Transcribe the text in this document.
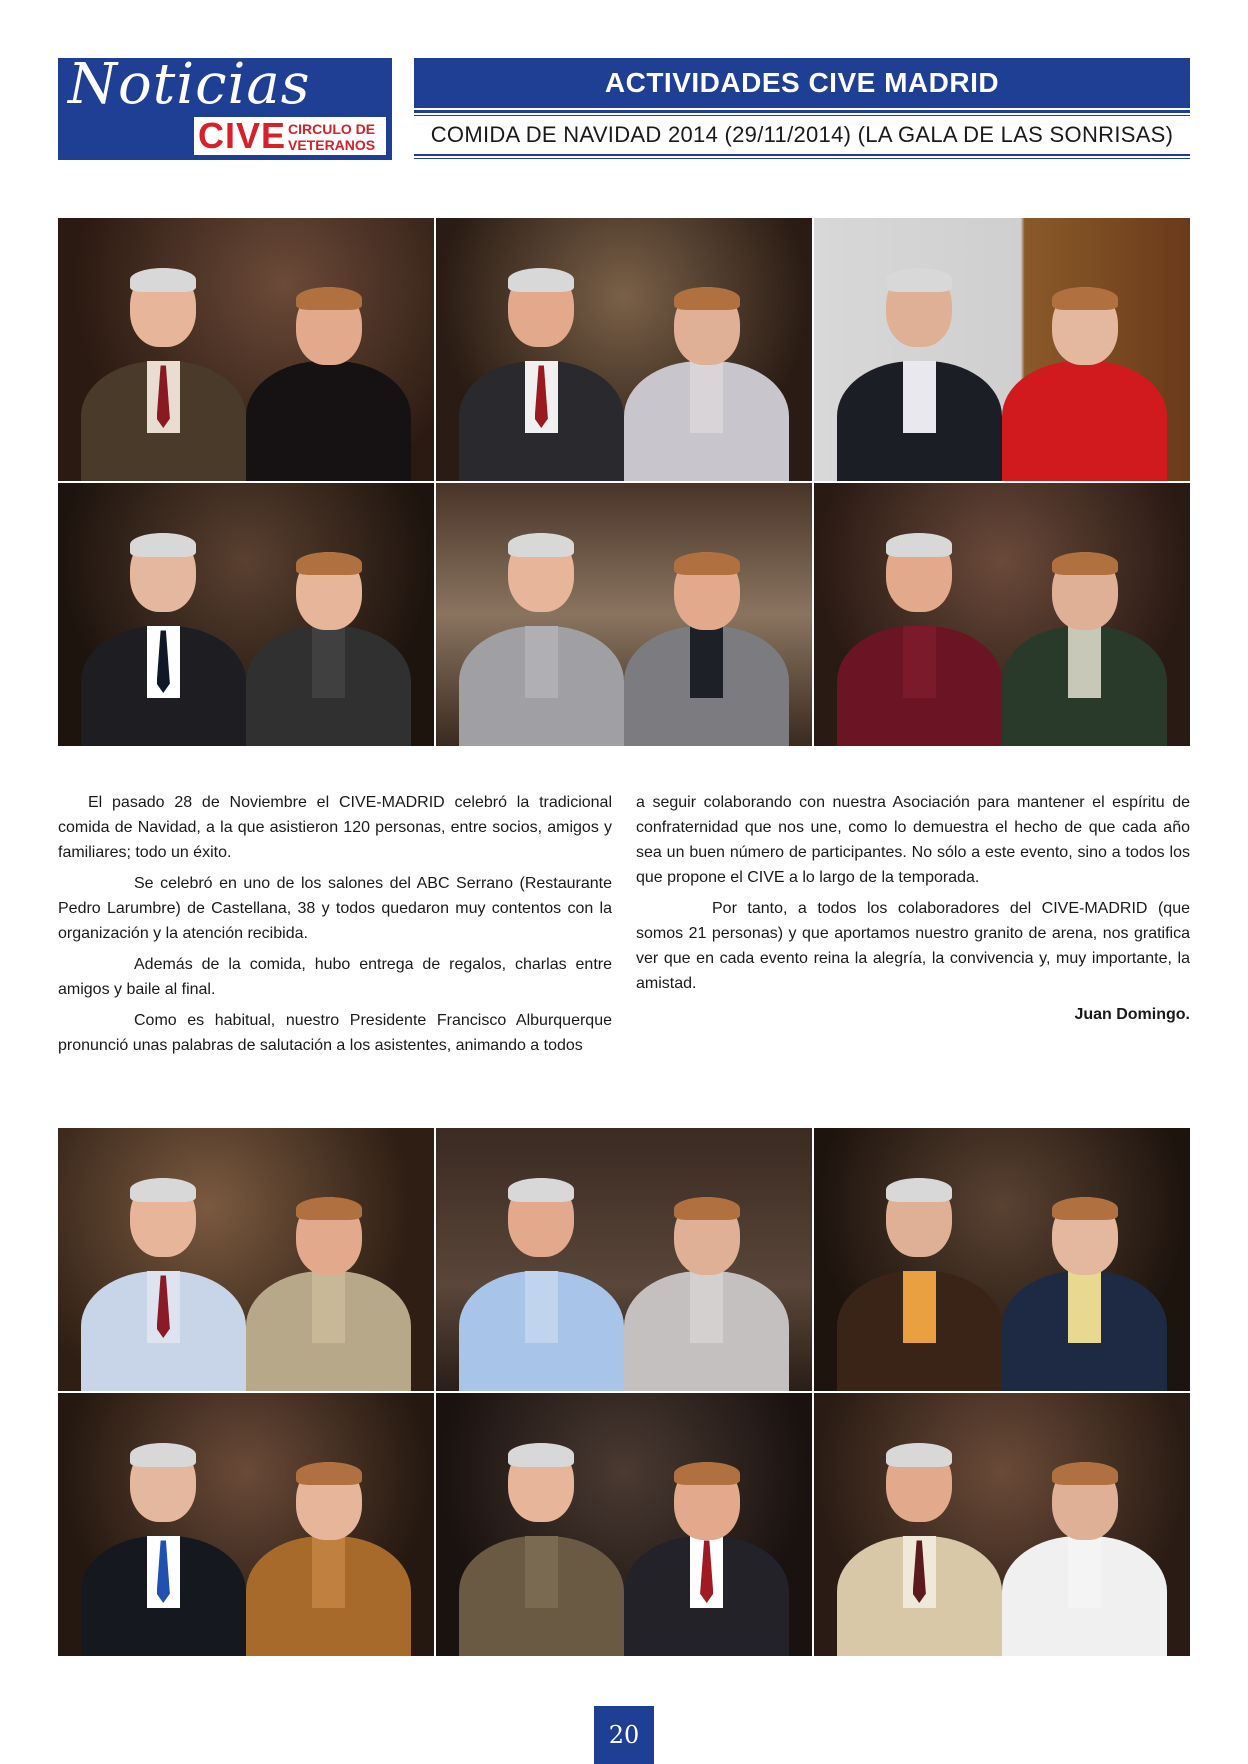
Noticias
CIVE CIRCULO DE
VETERANOS
ACTIVIDADES CIVE MADRID
COMIDA DE NAVIDAD 2014 (29/11/2014) (LA GALA DE LAS SONRISAS)

El pasado 28 de Noviembre el CIVE-MADRID celebró la tradicional comida de Navidad, a la que asistieron 120 personas, entre socios, amigos y familiares; todo un éxito.

Se celebró en uno de los salones del ABC Serrano (Restaurante Pedro Larumbre) de Castellana, 38 y todos quedaron muy contentos con la organización y la atención recibida.

Además de la comida, hubo entrega de regalos, charlas entre amigos y baile al final.

Como es habitual, nuestro Presidente Francisco Alburquerque pronunció unas palabras de salutación a los asistentes, animando a todos

a seguir colaborando con nuestra Asociación para mantener el espíritu de confraternidad que nos une, como lo demuestra el hecho de que cada año sea un buen número de participantes. No sólo a este evento, sino a todos los que propone el CIVE a lo largo de la temporada.

Por tanto, a todos los colaboradores del CIVE-MADRID (que somos 21 personas) y que aportamos nuestro granito de arena, nos gratifica ver que en cada evento reina la alegría, la convivencia y, muy importante, la amistad.

Juan Domingo.
20
